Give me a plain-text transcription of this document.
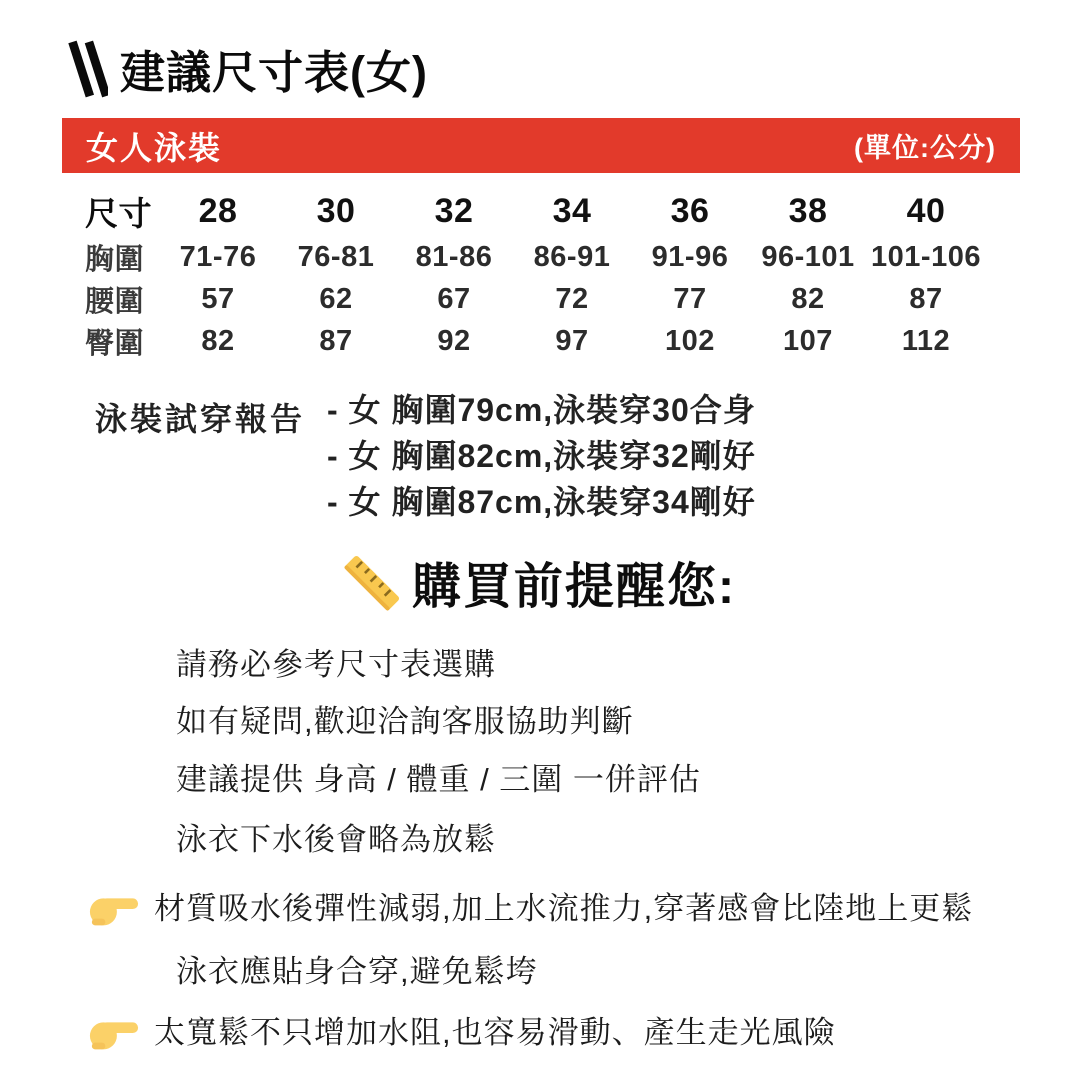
建議尺寸表(女)
女人泳裝	(單位:公分)
尺寸	28	30	32	34	36	38	40
胸圍	71-76	76-81	81-86	86-91	91-96	96-101	101-106
腰圍	57	62	67	72	77	82	87
臀圍	82	87	92	97	102	107	112
泳裝試穿報告 - 女 胸圍79cm,泳裝穿30合身
- 女 胸圍82cm,泳裝穿32剛好
- 女 胸圍87cm,泳裝穿34剛好
購買前提醒您:
請務必參考尺寸表選購
如有疑問,歡迎洽詢客服協助判斷
建議提供 身高 / 體重 / 三圍 一併評估
泳衣下水後會略為放鬆
材質吸水後彈性減弱,加上水流推力,穿著感會比陸地上更鬆
泳衣應貼身合穿,避免鬆垮
太寬鬆不只增加水阻,也容易滑動、產生走光風險
